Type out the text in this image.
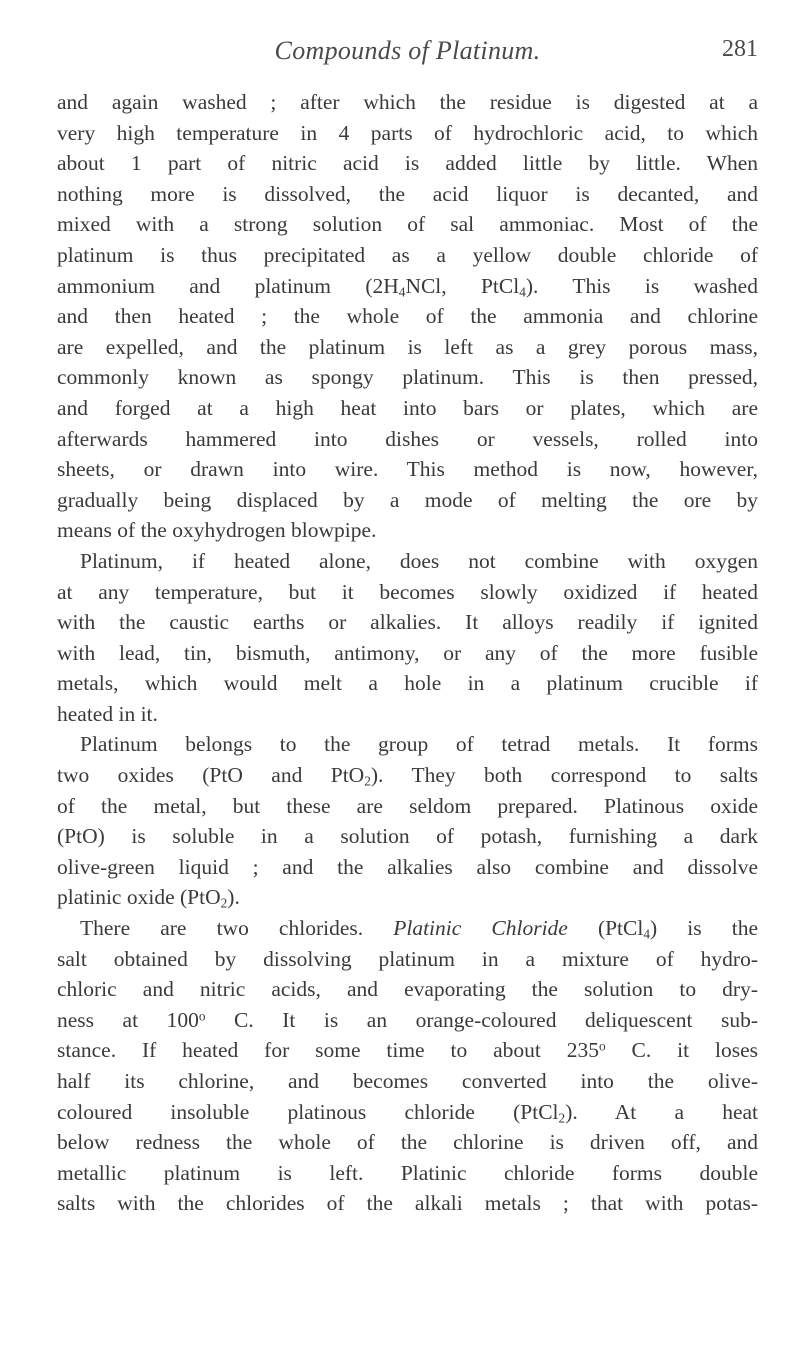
Compounds of Platinum.	281
and again washed ; after which the residue is digested at a
very high temperature in 4 parts of hydrochloric acid, to which
about 1 part of nitric acid is added little by little. When
nothing more is dissolved, the acid liquor is decanted, and
mixed with a strong solution of sal ammoniac. Most of the
platinum is thus precipitated as a yellow double chloride of
ammonium and platinum ($2H_4NCl$, PtCl$_4$). This is washed
and then heated ; the whole of the ammonia and chlorine
are expelled, and the platinum is left as a grey porous mass,
commonly known as spongy platinum. This is then pressed,
and forged at a high heat into bars or plates, which are
afterwards hammered into dishes or vessels, rolled into
sheets, or drawn into wire. This method is now, however,
gradually being displaced by a mode of melting the ore by
means of the oxyhydrogen blowpipe.
Platinum, if heated alone, does not combine with oxygen
at any temperature, but it becomes slowly oxidized if heated
with the caustic earths or alkalies. It alloys readily if ignited
with lead, tin, bismuth, antimony, or any of the more fusible
metals, which would melt a hole in a platinum crucible if
heated in it.
Platinum belongs to the group of tetrad metals. It forms
two oxides (PtO and PtO$_2$). They both correspond to salts
of the metal, but these are seldom prepared. Platinous oxide
(PtO) is soluble in a solution of potash, furnishing a dark
olive-green liquid ; and the alkalies also combine and dissolve
platinic oxide (PtO$_2$).
There are two chlorides. Platinic Chloride (PtCl$_4$) is the
salt obtained by dissolving platinum in a mixture of hydro-
chloric and nitric acids, and evaporating the solution to dry-
ness at 100$^o$ C. It is an orange-coloured deliquescent sub-
stance. If heated for some time to about 235$^o$ C. it loses
half its chlorine, and becomes converted into the olive-
coloured insoluble platinous chloride (PtCl$_2$). At a heat
below redness the whole of the chlorine is driven off, and
metallic platinum is left. Platinic chloride forms double
salts with the chlorides of the alkali metals ; that with potas-
